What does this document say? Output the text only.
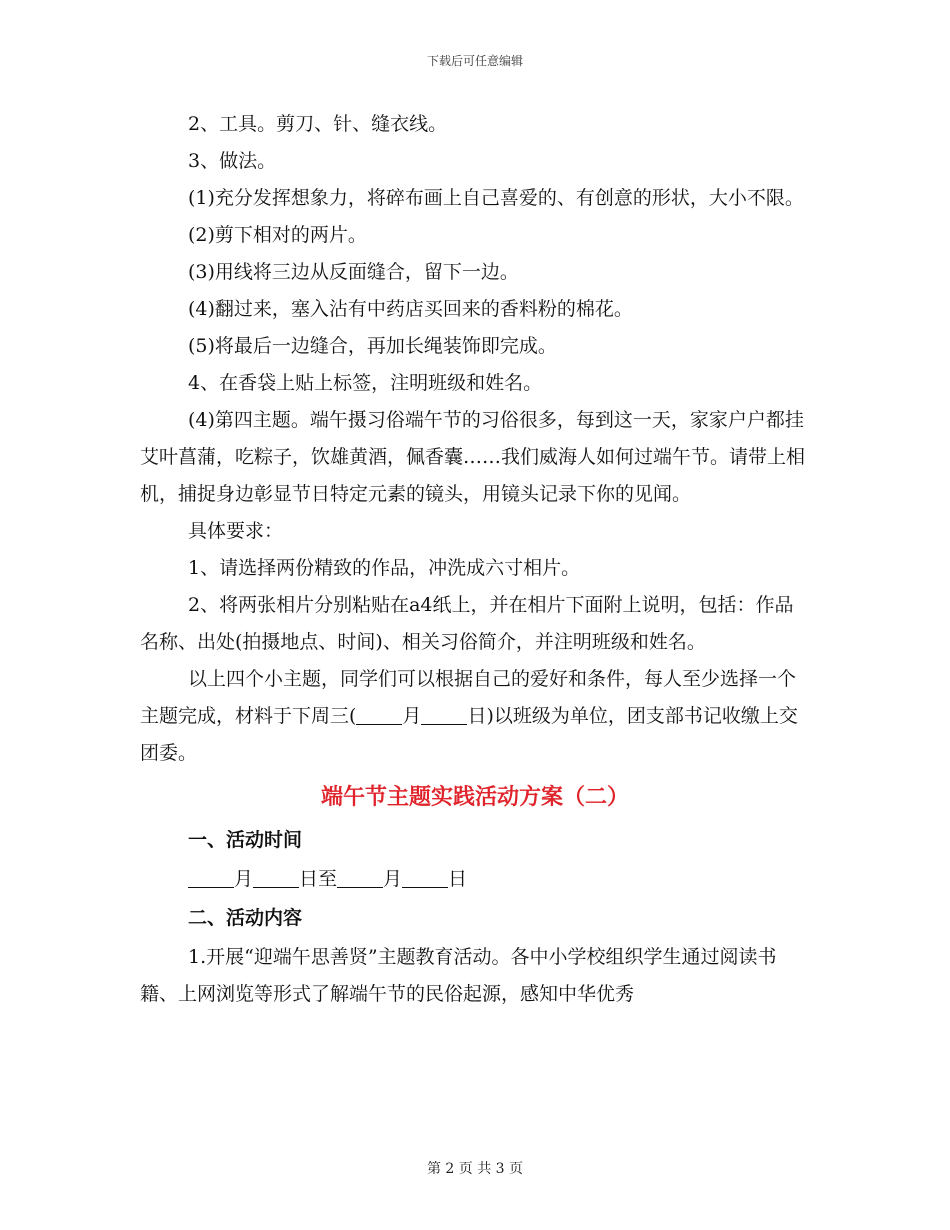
下载后可任意编辑

2、工具。剪刀、针、缝衣线。

3、做法。

(1)充分发挥想象力，将碎布画上自己喜爱的、有创意的形状，大小不限。

(2)剪下相对的两片。

(3)用线将三边从反面缝合，留下一边。

(4)翻过来，塞入沾有中药店买回来的香料粉的棉花。

(5)将最后一边缝合，再加长绳装饰即完成。

4、在香袋上贴上标签，注明班级和姓名。

(4)第四主题。端午摄习俗端午节的习俗很多，每到这一天，家家户户都挂艾叶菖蒲，吃粽子，饮雄黄酒，佩香囊……我们威海人如何过端午节。请带上相机，捕捉身边彰显节日特定元素的镜头，用镜头记录下你的见闻。

具体要求：

1、请选择两份精致的作品，冲洗成六寸相片。

2、将两张相片分别粘贴在a4纸上，并在相片下面附上说明，包括：作品名称、出处(拍摄地点、时间)、相关习俗简介，并注明班级和姓名。

以上四个小主题，同学们可以根据自己的爱好和条件，每人至少选择一个主题完成，材料于下周三( 月 日)以班级为单位，团支部书记收缴上交团委。

端午节主题实践活动方案（二）

一、活动时间

月 日至 月 日

二、活动内容

1.开展“迎端午思善贤”主题教育活动。各中小学校组织学生通过阅读书籍、上网浏览等形式了解端午节的民俗起源，感知中华优秀

第 2 页 共 3 页
